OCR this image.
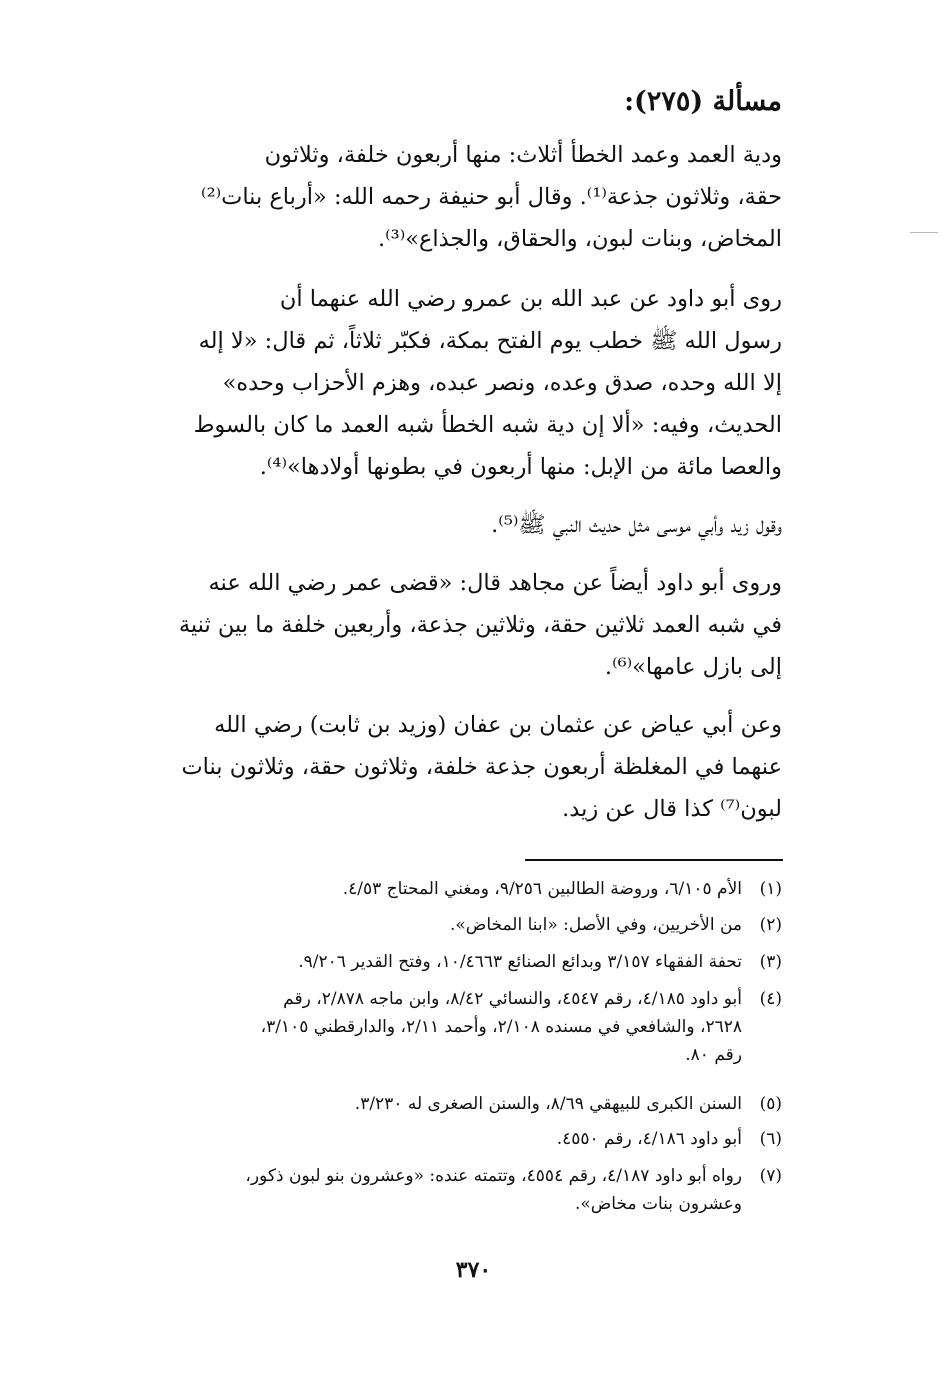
مسألة (٢٧٥):
ودية العمد وعمد الخطأ أثلاث: منها أربعون خلفة، وثلاثون
حقة، وثلاثون جذعة⁽¹⁾. وقال أبو حنيفة رحمه الله: «أرباع بنات⁽²⁾
المخاض، وبنات لبون، والحقاق، والجذاع»⁽³⁾.
روى أبو داود عن عبد الله بن عمرو رضي الله عنهما أن
رسول الله ﷺ خطب يوم الفتح بمكة، فكبّر ثلاثاً، ثم قال: «لا إله
إلا الله وحده، صدق وعده، ونصر عبده، وهزم الأحزاب وحده»
الحديث، وفيه: «ألا إن دية شبه الخطأ شبه العمد ما كان بالسوط
والعصا مائة من الإبل: منها أربعون في بطونها أولادها»⁽⁴⁾.
وقول زيد وأبي موسى مثل حديث النبي ﷺ⁽⁵⁾.
وروى أبو داود أيضاً عن مجاهد قال: «قضى عمر رضي الله عنه
في شبه العمد ثلاثين حقة، وثلاثين جذعة، وأربعين خلفة ما بين ثنية
إلى بازل عامها»⁽⁶⁾.
وعن أبي عياض عن عثمان بن عفان (وزيد بن ثابت) رضي الله
عنهما في المغلظة أربعون جذعة خلفة، وثلاثون حقة، وثلاثون بنات
لبون⁽⁷⁾ كذا قال عن زيد.
(١)
الأم ٦/١٠٥، وروضة الطالبين ٩/٢٥٦، ومغني المحتاج ٤/٥٣.
(٢)
من الأخريين، وفي الأصل: «ابنا المخاض».
(٣)
تحفة الفقهاء ٣/١٥٧ وبدائع الصنائع ١٠/٤٦٦٣، وفتح القدير ٩/٢٠٦.
(٤)
أبو داود ٤/١٨٥، رقم ٤٥٤٧، والنسائي ٨/٤٢، وابن ماجه ٢/٨٧٨، رقم
٢٦٢٨، والشافعي في مسنده ٢/١٠٨، وأحمد ٢/١١، والدارقطني ٣/١٠٥،
رقم ٨٠.
(٥)
السنن الكبرى للبيهقي ٨/٦٩، والسنن الصغرى له ٣/٢٣٠.
(٦)
أبو داود ٤/١٨٦، رقم ٤٥٥٠.
(٧)
رواه أبو داود ٤/١٨٧، رقم ٤٥٥٤، وتتمته عنده: «وعشرون بنو لبون ذكور،
وعشرون بنات مخاض».
٣٧٠
